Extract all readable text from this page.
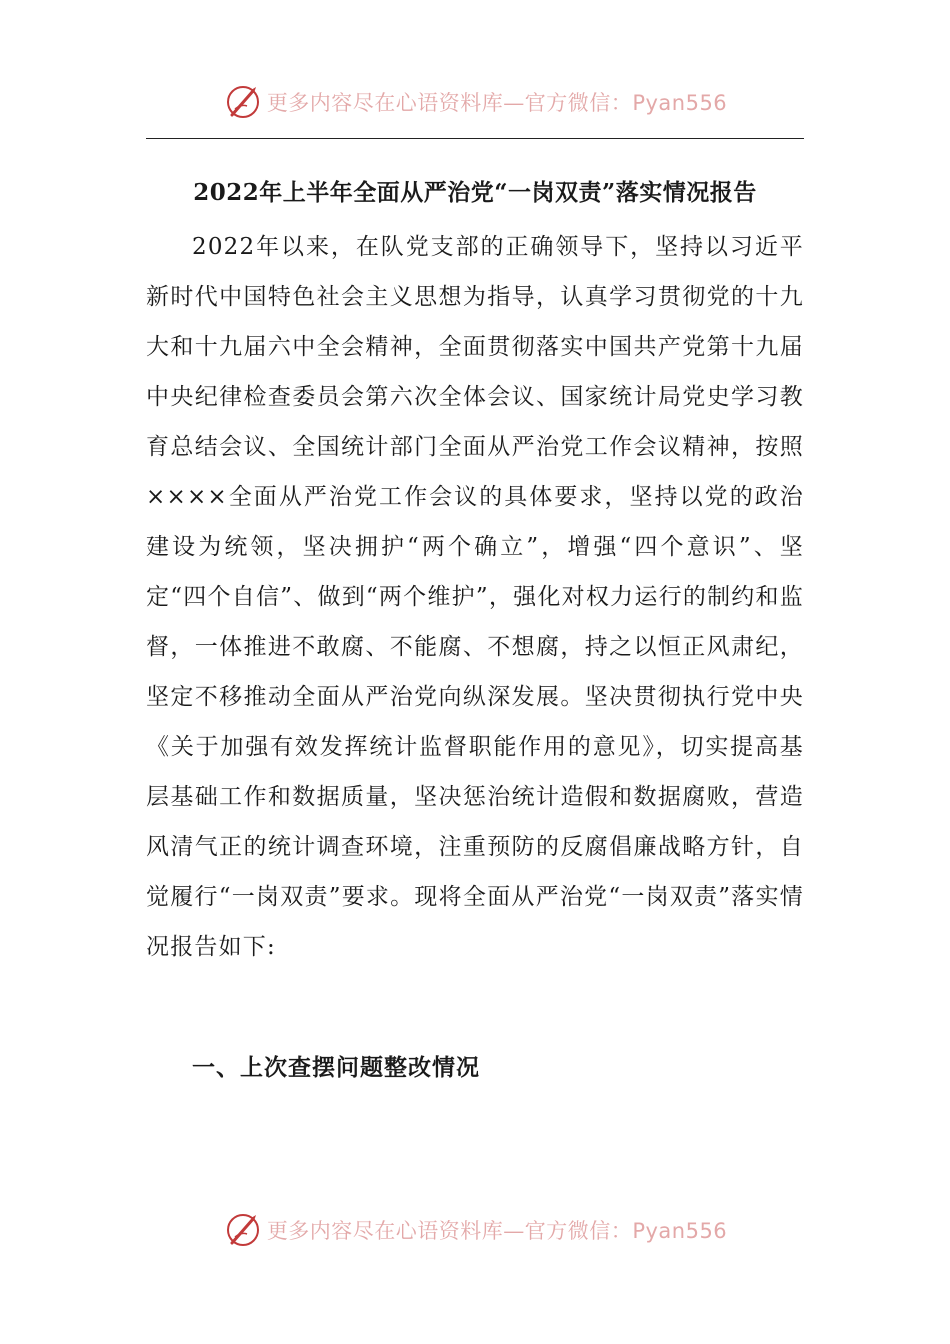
更多内容尽在心语资料库—官方微信：Pyan556
2022年上半年全面从严治党“一岗双责”落实情况报告

2022年以来，在队党支部的正确领导下，坚持以习近平新时代中国特色社会主义思想为指导，认真学习贯彻党的十九大和十九届六中全会精神，全面贯彻落实中国共产党第十九届中央纪律检查委员会第六次全体会议、国家统计局党史学习教育总结会议、全国统计部门全面从严治党工作会议精神，按照××××全面从严治党工作会议的具体要求，坚持以党的政治建设为统领，坚决拥护“两个确立”，增强“四个意识”、坚定“四个自信”、做到“两个维护”，强化对权力运行的制约和监督，一体推进不敢腐、不能腐、不想腐，持之以恒正风肃纪，坚定不移推动全面从严治党向纵深发展。坚决贯彻执行党中央《关于加强有效发挥统计监督职能作用的意见》，切实提高基层基础工作和数据质量，坚决惩治统计造假和数据腐败，营造风清气正的统计调查环境，注重预防的反腐倡廉战略方针，自觉履行“一岗双责”要求。现将全面从严治党“一岗双责”落实情况报告如下:

一、上次查摆问题整改情况
更多内容尽在心语资料库—官方微信：Pyan556
